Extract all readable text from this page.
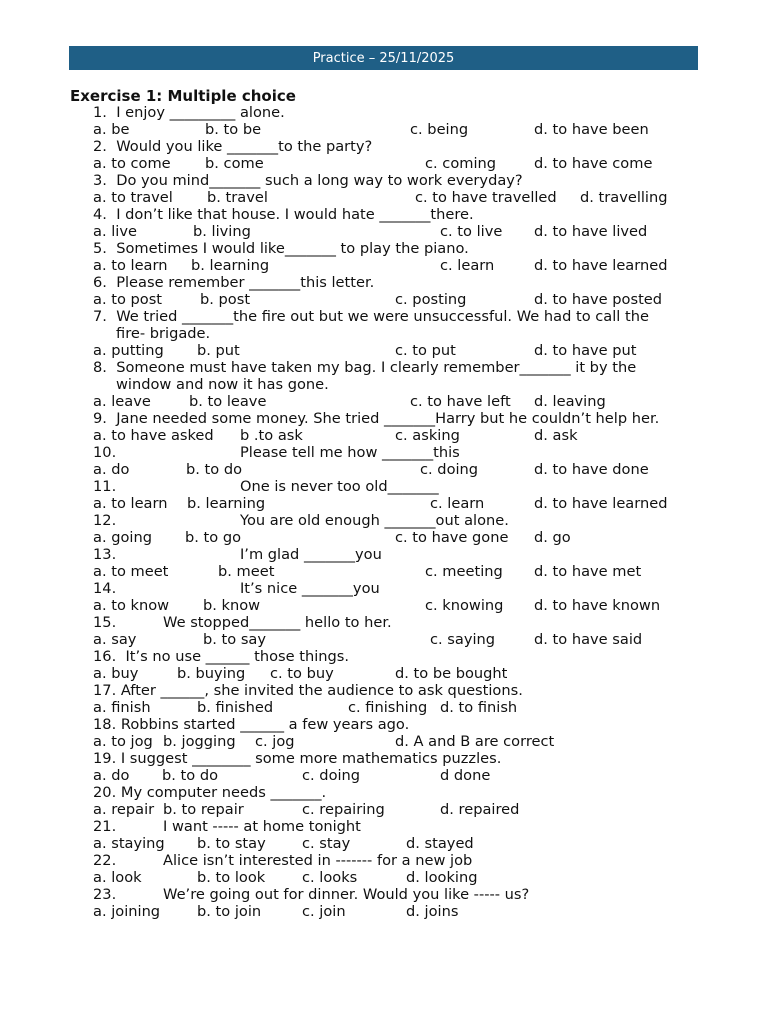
Practice – 25/11/2025
Exercise 1: Multiple choice
1.  I enjoy _________ alone.
a. be	b. to be	c. being	d. to have been
2.  Would you like _______to the party?
a. to come b. come	c. coming	d. to have come
3.  Do you mind_______ such a long way to work everyday?
a. to travel b. travel	c. to have travelled d. travelling
4.  I don’t like that house. I would hate _______there.
a. live	b. living	c. to live d. to have lived
5.  Sometimes I would like_______ to play the piano.
a. to learn b. learning	c. learn	d. to have learned
6.  Please remember _______this letter.
a. to post	b. post	c. posting	d. to have posted
7.  We tried _______the fire out but we were unsuccessful. We had to call the
fire- brigade.
a. putting b. put	c. to put	d. to have put
8.  Someone must have taken my bag. I clearly remember_______ it by the
window and now it has gone.
a. leave	b. to leave	c. to have left d. leaving
9.  Jane needed some money. She tried _______Harry but he couldn’t help her.
a. to have asked b .to ask	c. asking	d. ask
10.	Please tell me how _______this
a. do	b. to do	c. doing	d. to have done
11.	One is never too old_______
a. to learn b. learning	c. learn	d. to have learned
12.	You are old enough _______out alone.
a. going b. to go	c. to have gone d. go
13.	I’m glad _______you
a. to meet	b. meet	c. meeting d. to have met
14.	It’s nice _______you
a. to know b. know	c. knowing d. to have known
15.	We stopped_______ hello to her.
a. say	b. to say	c. saying	d. to have said
16.  It’s no use ______ those things.
a. buy	b. buying c. to buy	d. to be bought
17. After ______, she invited the audience to ask questions.
a. finish	b. finished	c. finishing d. to finish
18. Robbins started ______ a few years ago.
a. to jog b. jogging c. jog	d. A and B are correct
19. I suggest ________ some more mathematics puzzles.
a. do b. to do	c. doing	d done
20. My computer needs _______.
a. repair b. to repair	c. repairing	d. repaired
21.	I want ----- at home tonight
a. staying b. to stay c. stay	d. stayed
22.	Alice isn’t interested in ------- for a new job
a. look	b. to look	c. looks	d. looking
23.	We’re going out for dinner. Would you like ----- us?
a. joining	b. to join	c. join	d. joins
